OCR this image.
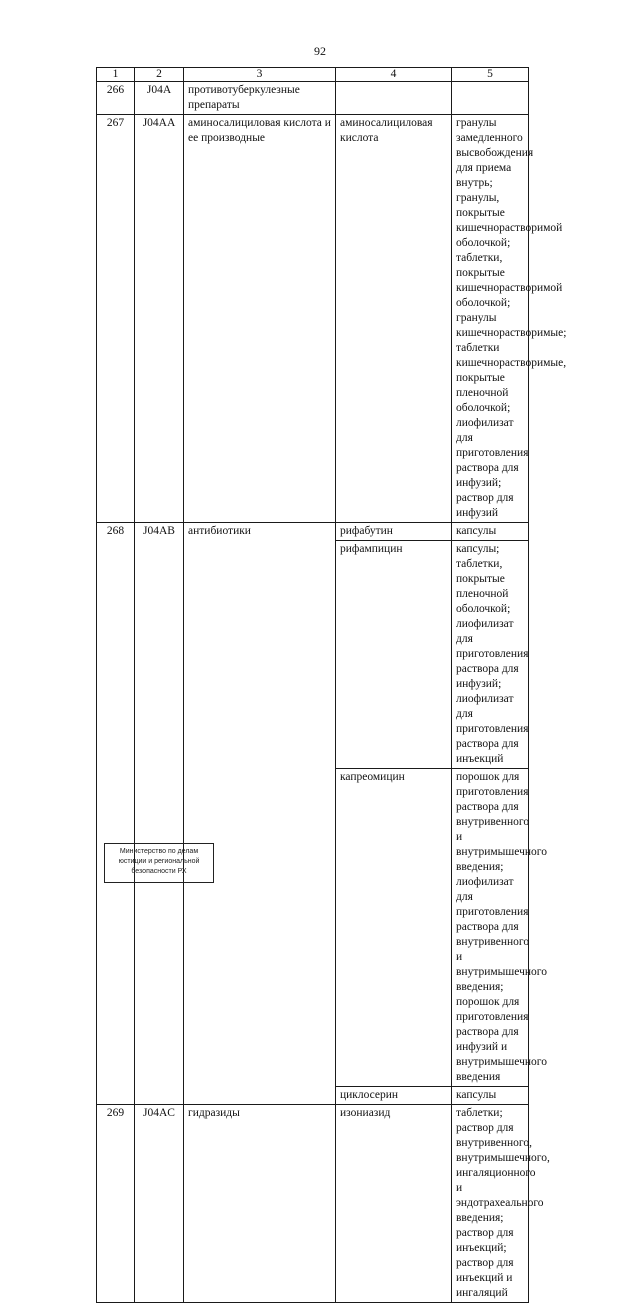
92
1	2	3	4	5
266	J04A	противотуберкулезные препараты		
267	J04AA	аминосалициловая кислота и ее производные	аминосалициловая кислота	гранулы замедленного высвобождения для приема внутрь; гранулы, покрытые кишечнорастворимой оболочкой; таблетки, покрытые кишечнорастворимой оболочкой; гранулы кишечнорастворимые; таблетки кишечнорастворимые, покрытые пленочной оболочкой; лиофилизат для приготовления раствора для инфузий; раствор для инфузий
268	J04AB	антибиотики	рифабутин	капсулы
			рифампицин	капсулы; таблетки, покрытые пленочной оболочкой; лиофилизат для приготовления раствора для инфузий; лиофилизат для приготовления раствора для инъекций
			капреомицин	порошок для приготовления раствора для внутривенного и внутримышечного введения; лиофилизат для приготовления раствора для внутривенного и внутримышечного введения; порошок для приготовления раствора для инфузий и внутримышечного введения
			циклосерин	капсулы
269	J04AC	гидразиды	изониазид	таблетки; раствор для внутривенного, внутримышечного, ингаляционного и эндотрахеального введения; раствор для инъекций; раствор для инъекций и ингаляций
Министерство по делам
юстиции и региональной
безопасности РХ
